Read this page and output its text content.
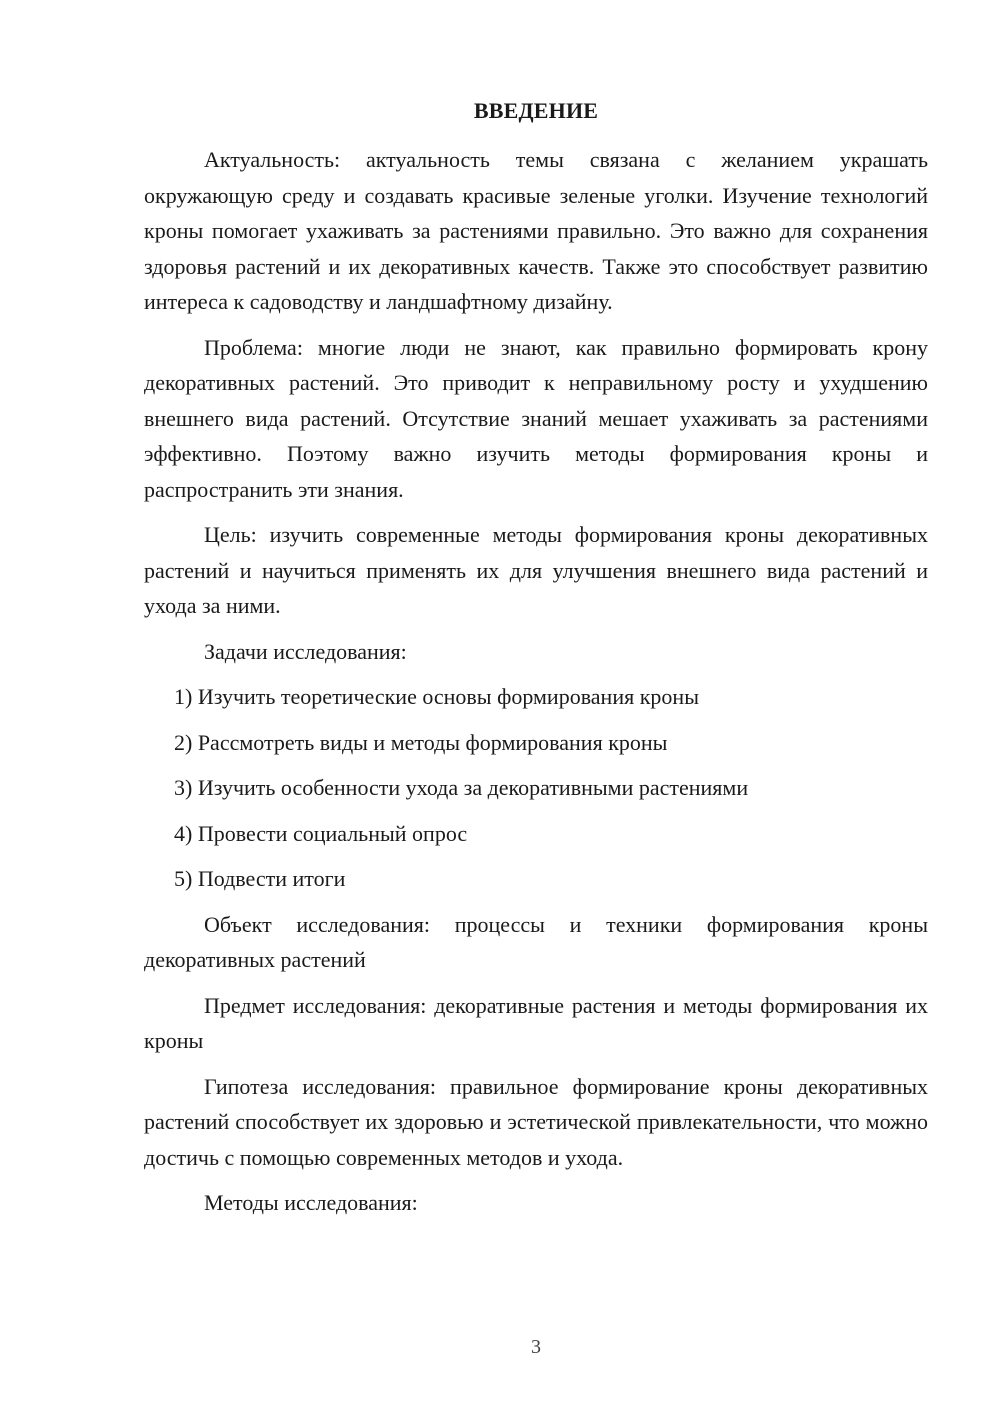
ВВЕДЕНИЕ

Актуальность: актуальность темы связана с желанием украшать окружающую среду и создавать красивые зеленые уголки. Изучение технологий кроны помогает ухаживать за растениями правильно. Это важно для сохранения здоровья растений и их декоративных качеств. Также это способствует развитию интереса к садоводству и ландшафтному дизайну.

Проблема: многие люди не знают, как правильно формировать крону декоративных растений. Это приводит к неправильному росту и ухудшению внешнего вида растений. Отсутствие знаний мешает ухаживать за растениями эффективно. Поэтому важно изучить методы формирования кроны и распространить эти знания.

Цель: изучить современные методы формирования кроны декоративных растений и научиться применять их для улучшения внешнего вида растений и ухода за ними.

Задачи исследования:

1) Изучить теоретические основы формирования кроны

2) Рассмотреть виды и методы формирования кроны

3) Изучить особенности ухода за декоративными растениями

4) Провести социальный опрос

5) Подвести итоги

Объект исследования: процессы и техники формирования кроны декоративных растений

Предмет исследования: декоративные растения и методы формирования их кроны

Гипотеза исследования: правильное формирование кроны декоративных растений способствует их здоровью и эстетической привлекательности, что можно достичь с помощью современных методов и ухода.

Методы исследования:

3
